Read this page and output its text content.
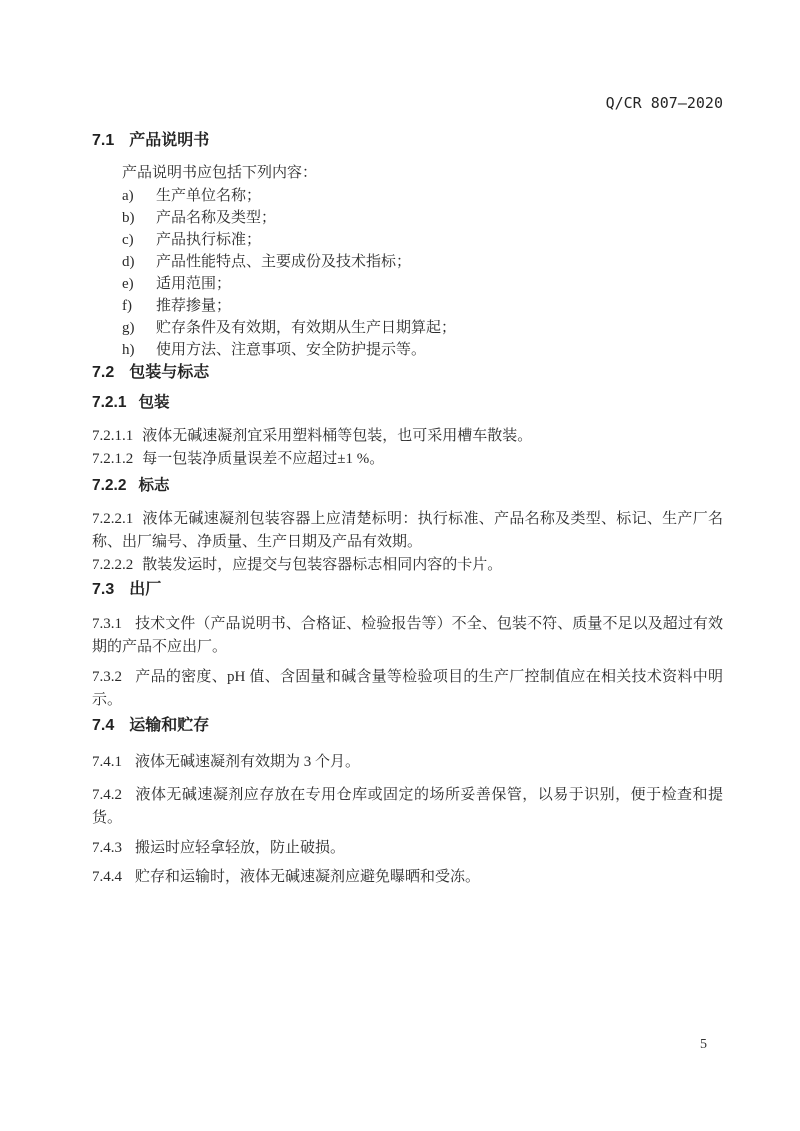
Q/CR 807—2020
7.1 产品说明书

产品说明书应包括下列内容：

a) 生产单位名称；
b) 产品名称及类型；
c) 产品执行标准；
d) 产品性能特点、主要成份及技术指标；
e) 适用范围；
f) 推荐掺量；
g) 贮存条件及有效期，有效期从生产日期算起；
h) 使用方法、注意事项、安全防护提示等。
7.2 包装与标志
7.2.1 包装

7.2.1.1 液体无碱速凝剂宜采用塑料桶等包装，也可采用槽车散装。

7.2.1.2 每一包装净质量误差不应超过±1 %。

7.2.2 标志

7.2.2.1 液体无碱速凝剂包装容器上应清楚标明：执行标准、产品名称及类型、标记、生产厂名称、出厂编号、净质量、生产日期及产品有效期。

7.2.2.2 散装发运时，应提交与包装容器标志相同内容的卡片。

7.3 出厂

7.3.1 技术文件（产品说明书、合格证、检验报告等）不全、包装不符、质量不足以及超过有效期的产品不应出厂。

7.3.2 产品的密度、pH 值、含固量和碱含量等检验项目的生产厂控制值应在相关技术资料中明示。

7.4 运输和贮存

7.4.1 液体无碱速凝剂有效期为 3 个月。

7.4.2 液体无碱速凝剂应存放在专用仓库或固定的场所妥善保管，以易于识别，便于检查和提货。

7.4.3 搬运时应轻拿轻放，防止破损。

7.4.4 贮存和运输时，液体无碱速凝剂应避免曝晒和受冻。

5
